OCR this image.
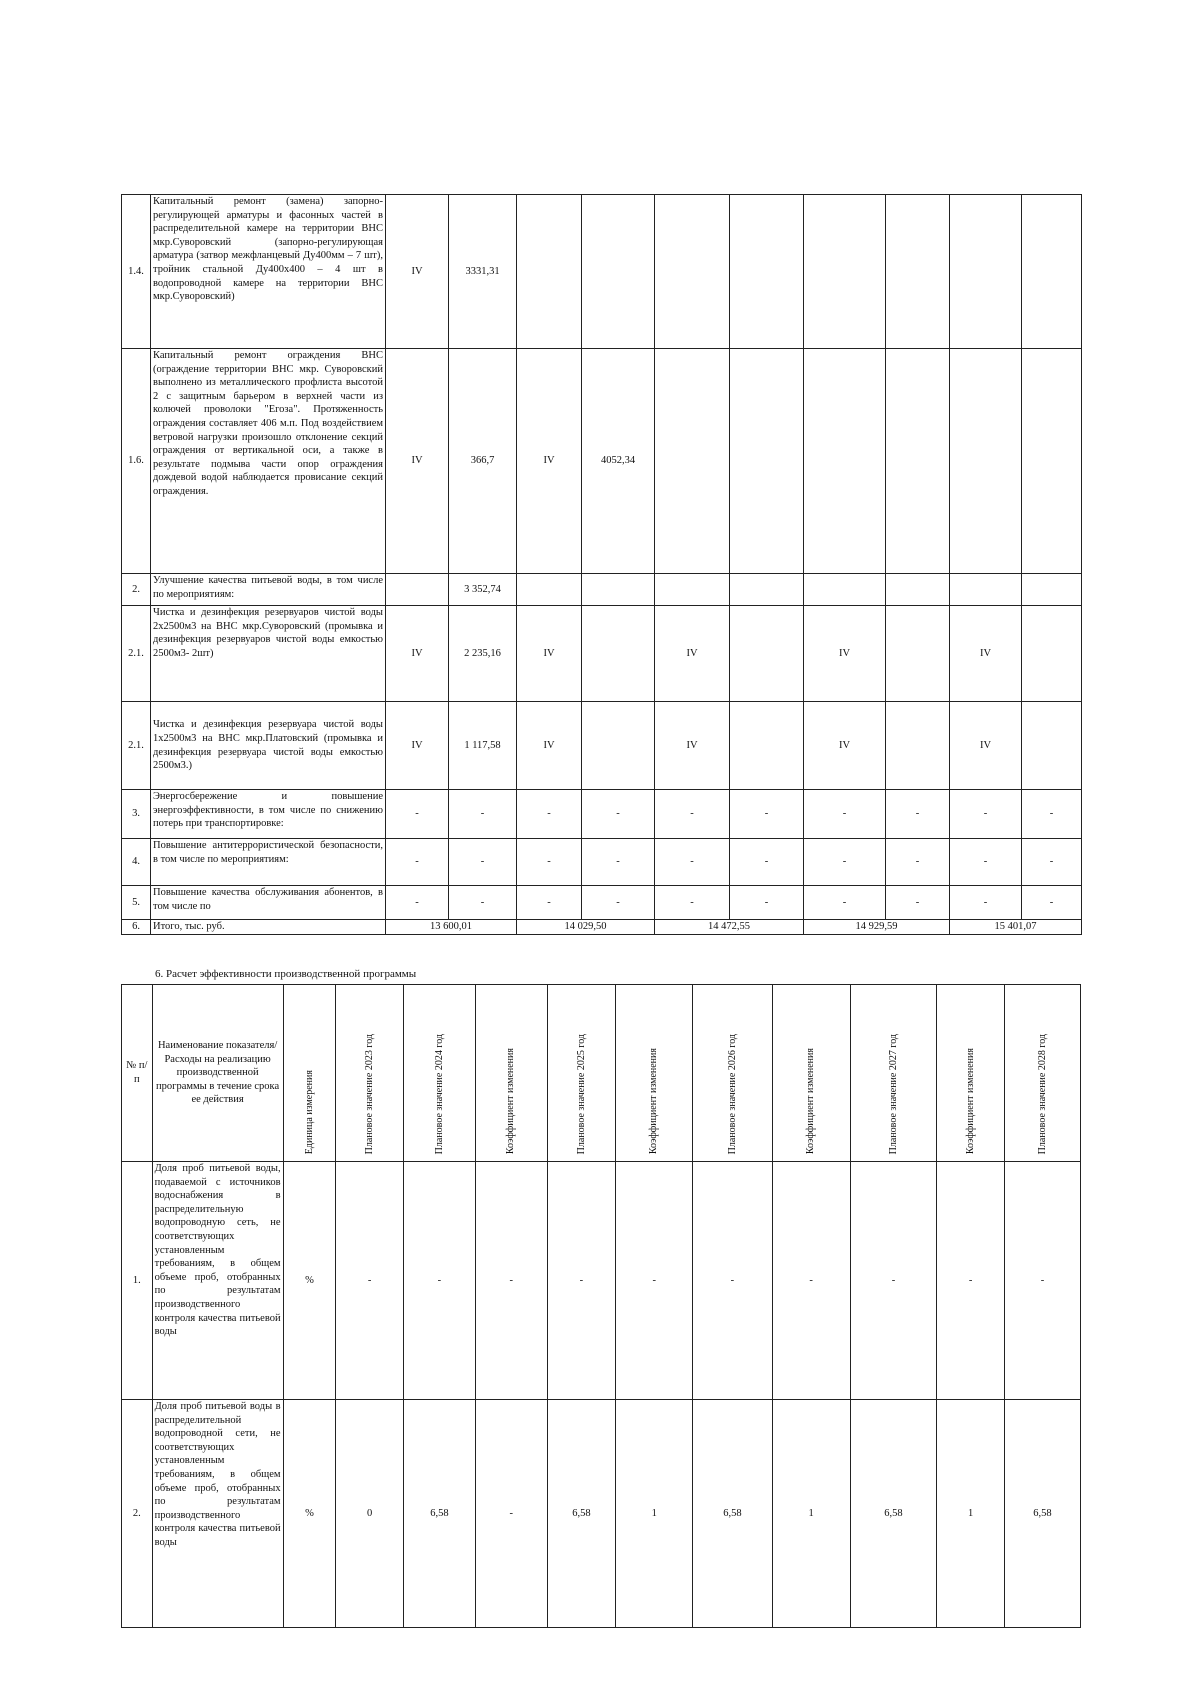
1.4.	Капитальный ремонт (замена) запорно-регулирующей арматуры и фасонных частей в распределительной камере на территории ВНС мкр.Суворовский (запорно-регулирующая арматура (затвор межфланцевый Ду400мм – 7 шт), тройник стальной Ду400х400 – 4 шт в водопроводной камере на территории ВНС мкр.Суворовский)	IV	3331,31								
1.6.	Капитальный ремонт ограждения ВНС (ограждение территории ВНС мкр. Суворовский выполнено из металлического профлиста высотой 2 с защитным барьером в верхней части из колючей проволоки "Егоза". Протяженность ограждения составляет 406 м.п. Под воздействием ветровой нагрузки произошло отклонение секций ограждения от вертикальной оси, а также в результате подмыва части опор ограждения дождевой водой наблюдается провисание секций ограждения.	IV	366,7	IV	4052,34						
2.	Улучшение качества питьевой воды, в том числе по мероприятиям:		3 352,74								
2.1.	Чистка и дезинфекция резервуаров чистой воды 2х2500м3 на ВНС мкр.Суворовский (промывка и дезинфекция резервуаров чистой воды емкостью 2500м3- 2шт)	IV	2 235,16	IV		IV		IV		IV	
2.1.	Чистка и дезинфекция резервуара чистой воды 1х2500м3 на ВНС мкр.Платовский (промывка и дезинфекция резервуара чистой воды емкостью 2500м3.)	IV	1 117,58	IV		IV		IV		IV	
3.	Энергосбережение и повышение энергоэффективности, в том числе по снижению потерь при транспортировке:	-	-	-	-	-	-	-	-	-	-
4.	Повышение антитеррористической безопасности, в том числе по мероприятиям:	-	-	-	-	-	-	-	-	-	-
5.	Повышение качества обслуживания абонентов, в том числе по	-	-	-	-	-	-	-	-	-	-
6.	Итого, тыс. руб.	13 600,01		14 029,50		14 472,55		14 929,59		15 401,07	
6. Расчет эффективности производственной программы
№ п/п	Наименование показателя/Расходы на реализацию производственной программы в течение срока ее действия	Единица измерения	Плановое значение 2023 год	Плановое значение 2024 год	Коэффициент изменения	Плановое значение 2025 год	Коэффициент изменения	Плановое значение 2026 год	Коэффициент изменения	Плановое значение 2027 год	Коэффициент изменения	Плановое значение 2028 год	
1.	Доля проб питьевой воды, подаваемой с источников водоснабжения в распределительную водопроводную сеть, не соответствующих установленным требованиям, в общем объеме проб, отобранных по результатам производственного контроля качества питьевой воды	%	-	-	-	-	-	-	-	-	-	-	
2.	Доля проб питьевой воды в распределительной водопроводной сети, не соответствующих установленным требованиям, в общем объеме проб, отобранных по результатам производственного контроля качества питьевой воды	%	0	6,58	-	6,58	1	6,58	1	6,58	1	6,58	
